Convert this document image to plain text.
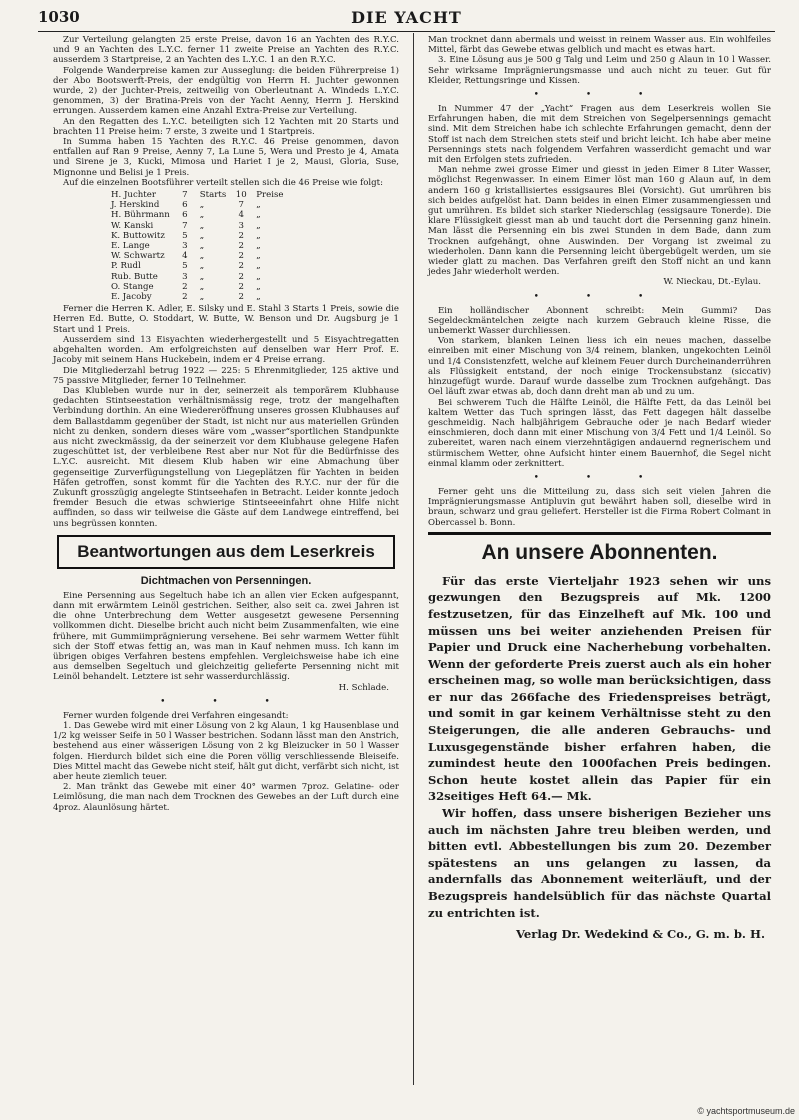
1030	DIE YACHT

Zur Verteilung gelangten 25 erste Preise, davon 16 an Yachten des R.Y.C. und 9 an Yachten des L.Y.C. ferner 11 zweite Preise an Yachten des R.Y.C. ausserdem 3 Startpreise, 2 an Yachten des L.Y.C. 1 an den R.Y.C.

Folgende Wanderpreise kamen zur Ausseglung: die beiden Führerpreise 1) der Abo Bootswerft-Preis, der endgültig von Herrn H. Juchter gewonnen wurde, 2) der Juchter-Preis, zeitweilig von Oberleutnant A. Windeds L.Y.C. genommen, 3) der Bratina-Preis von der Yacht Aenny, Herrn J. Herskind errungen. Ausserdem kamen eine Anzahl Extra-Preise zur Verteilung.

An den Regatten des L.Y.C. beteiligten sich 12 Yachten mit 20 Starts und brachten 11 Preise heim: 7 erste, 3 zweite und 1 Startpreis.

In Summa haben 15 Yachten des R.Y.C. 46 Preise genommen, davon entfallen auf Ran 9 Preise, Aenny 7, La Lune 5, Wera und Presto je 4, Amata und Sirene je 3, Kucki, Mimosa und Hariet I je 2, Mausi, Gloria, Suse, Mignonne und Belisi je 1 Preis.

Auf die einzelnen Bootsführer verteilt stellen sich die 46 Preise wie folgt:

H. Juchter	7	Starts	10	Preise
J. Herskind	6	„	7	„
H. Bührmann	6	„	4	„
W. Kanski	7	„	3	„
K. Buttowitz	5	„	2	„
E. Lange	3	„	2	„
W. Schwartz	4	„	2	„
P. Rudl	5	„	2	„
Rub. Butte	3	„	2	„
O. Stange	2	„	2	„
E. Jacoby	2	„	2	„

Ferner die Herren K. Adler, E. Silsky und E. Stahl 3 Starts 1 Preis, sowie die Herren Ed. Butte, O. Stoddart, W. Butte, W. Benson und Dr. Augsburg je 1 Start und 1 Preis.

Ausserdem sind 13 Eisyachten wiederhergestellt und 5 Eisyachtregatten abgehalten worden. Am erfolgreichsten auf denselben war Herr Prof. E. Jacoby mit seinem Hans Huckebein, indem er 4 Preise errang.

Die Mitgliederzahl betrug 1922 — 225: 5 Ehrenmitglieder, 125 aktive und 75 passive Mitglieder, ferner 10 Teilnehmer.

Das Klubleben wurde nur in der, seinerzeit als temporärem Klubhause gedachten Stintseestation verhältnismässig rege, trotz der mangelhaften Verbindung dorthin. An eine Wiedereröffnung unseres grossen Klubhauses auf dem Ballastdamm gegenüber der Stadt, ist nicht nur aus materiellen Gründen nicht zu denken, sondern dieses wäre vom „wasser“sportlichen Standpunkte aus nicht zweckmässig, da der seinerzeit vor dem Klubhause gelegene Hafen zugeschüttet ist, der verbleibene Rest aber nur Not für die Bedürfnisse des L.Y.C. ausreicht. Mit diesem Klub haben wir eine Abmachung über gegenseitige Zurverfügungstellung von Liegeplätzen für Yachten in beiden Häfen getroffen, sonst kommt für die Yachten des R.Y.C. nur der für die Zukunft grosszügig angelegte Stintseehafen in Betracht. Leider konnte jedoch fremder Besuch die etwas schwierige Stintseeeinfahrt ohne Hilfe nicht auffinden, so dass wir teilweise die Gäste auf dem Landwege eintreffend, bei uns begrüssen konnten.

Beantwortungen aus dem Leserkreis
Dichtmachen von Persenningen.

Eine Persenning aus Segeltuch habe ich an allen vier Ecken aufgespannt, dann mit erwärmtem Leinöl gestrichen. Seither, also seit ca. zwei Jahren ist die ohne Unterbrechung dem Wetter ausgesetzt gewesene Persenning vollkommen dicht. Dieselbe bricht auch nicht beim Zusammenfalten, wie eine frühere, mit Gummiimprägnierung versehene. Bei sehr warmem Wetter fühlt sich der Stoff etwas fettig an, was man in Kauf nehmen muss. Ich kann im übrigen obiges Verfahren bestens empfehlen. Vergleichsweise habe ich eine aus demselben Segeltuch und gleichzeitig gelieferte Persenning nicht mit Leinöl behandelt. Letztere ist sehr wasserdurchlässig.

H. Schlade.
• • •

Ferner wurden folgende drei Verfahren eingesandt:

1. Das Gewebe wird mit einer Lösung von 2 kg Alaun, 1 kg Hausenblase und 1/2 kg weisser Seife in 50 l Wasser bestrichen. Sodann lässt man den Anstrich, bestehend aus einer wässerigen Lösung von 2 kg Bleizucker in 50 l Wasser folgen. Hierdurch bildet sich eine die Poren völlig verschliessende Bleiseife. Dies Mittel macht das Gewebe nicht steif, hält gut dicht, verfärbt sich nicht, ist aber heute ziemlich teuer.

2. Man tränkt das Gewebe mit einer 40° warmen 7proz. Gelatine- oder Leimlösung, die man nach dem Trocknen des Gewebes an der Luft durch eine 4proz. Alaunlösung härtet.

Man trocknet dann abermals und weisst in reinem Wasser aus. Ein wohlfeiles Mittel, färbt das Gewebe etwas gelblich und macht es etwas hart.

3. Eine Lösung aus je 500 g Talg und Leim und 250 g Alaun in 10 l Wasser. Sehr wirksame Imprägnierungsmasse und auch nicht zu teuer. Gut für Kleider, Rettungsringe und Kissen.

• • •

In Nummer 47 der „Yacht“ Fragen aus dem Leserkreis wollen Sie Erfahrungen haben, die mit dem Streichen von Segelpersennings gemacht sind. Mit dem Streichen habe ich schlechte Erfahrungen gemacht, denn der Stoff ist nach dem Streichen stets steif und bricht leicht. Ich habe aber meine Persennings stets nach folgendem Verfahren wasserdicht gemacht und war mit den Erfolgen stets zufrieden.

Man nehme zwei grosse Eimer und giesst in jeden Eimer 8 Liter Wasser, möglichst Regenwasser. In einem Eimer löst man 160 g Alaun auf, in dem andern 160 g kristallisiertes essigsaures Blei (Vorsicht). Gut umrühren bis sich beides aufgelöst hat. Dann beides in einen Eimer zusammengiessen und gut umrühren. Es bildet sich starker Niederschlag (essigsaure Tonerde). Die klare Flüssigkeit giesst man ab und taucht dort die Persenning ganz hinein. Man lässt die Persenning ein bis zwei Stunden in dem Bade, dann zum Trocknen aufgehängt, ohne Auswinden. Der Vorgang ist zweimal zu wiederholen. Dann kann die Persenning leicht übergebügelt werden, um sie wieder glatt zu machen. Das Verfahren greift den Stoff nicht an und kann jedes Jahr wiederholt werden.

W. Nieckau, Dt.-Eylau.
• • •

Ein holländischer Abonnent schreibt: Mein Gummi? Das Segeldeckmäntelchen zeigte nach kurzem Gebrauch kleine Risse, die unbemerkt Wasser durchliessen.

Von starkem, blanken Leinen liess ich ein neues machen, dasselbe einreiben mit einer Mischung von 3/4 reinem, blanken, ungekochten Leinöl und 1/4 Consistenzfett, welche auf kleinem Feuer durch Durcheinanderrühren als Flüssigkeit entstand, der noch einige Trockensubstanz (siccativ) hinzugefügt wurde. Darauf wurde dasselbe zum Trocknen aufgehängt. Das Oel läuft zwar etwas ab, doch dann dreht man ab und zu um.

Bei schwerem Tuch die Hälfte Leinöl, die Hälfte Fett, da das Leinöl bei kaltem Wetter das Tuch springen lässt, das Fett dagegen hält dasselbe geschmeidig. Nach halbjährigem Gebrauche oder je nach Bedarf wieder einschmieren, doch dann mit einer Mischung von 3/4 Fett und 1/4 Leinöl. So zubereitet, waren nach einem vierzehntägigen andauernd regnerischem und stürmischem Wetter, ohne Aufsicht hinter einem Bauernhof, die Segel nicht einmal klamm oder zerknittert.

• • •

Ferner geht uns die Mitteilung zu, dass sich seit vielen Jahren die Imprägnierungsmasse Antipluvin gut bewährt haben soll, dieselbe wird in braun, schwarz und grau geliefert. Hersteller ist die Firma Robert Colmant in Obercassel b. Bonn.

An unsere Abonnenten.

Für das erste Vierteljahr 1923 sehen wir uns gezwungen den Bezugspreis auf Mk. 1200 festzusetzen, für das Einzelheft auf Mk. 100 und müssen uns bei weiter anziehenden Preisen für Papier und Druck eine Nacherhebung vorbehalten. Wenn der geforderte Preis zuerst auch als ein hoher erscheinen mag, so wolle man berücksichtigen, dass er nur das 266fache des Friedenspreises beträgt, und somit in gar keinem Verhältnisse steht zu den Steigerungen, die alle anderen Gebrauchs- und Luxusgegenstände bisher erfahren haben, die zumindest heute den 1000fachen Preis bedingen. Schon heute kostet allein das Papier für ein 32seitiges Heft 64.— Mk.

Wir hoffen, dass unsere bisherigen Bezieher uns auch im nächsten Jahre treu bleiben werden, und bitten evtl. Abbestellungen bis zum 20. Dezember spätestens an uns gelangen zu lassen, da andernfalls das Abonnement weiterläuft, und der Bezugspreis handelsüblich für das nächste Quartal zu entrichten ist.

Verlag Dr. Wedekind & Co., G. m. b. H.
© yachtsportmuseum.de
